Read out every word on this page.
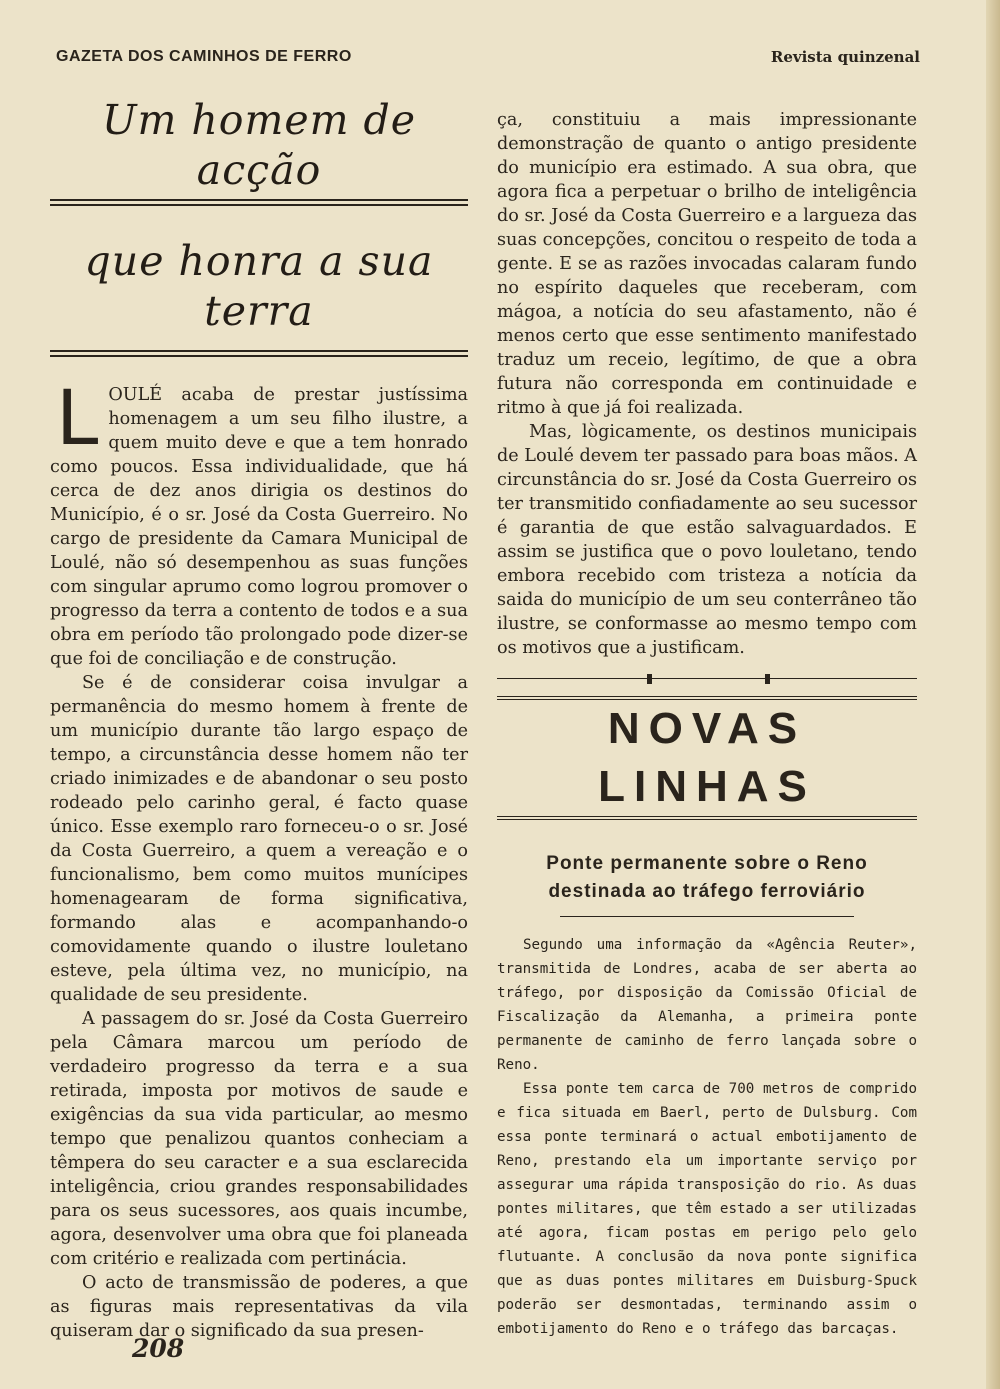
GAZETA DOS CAMINHOS DE FERRO	Revista quinzenal
Um homem de acção
que honra a sua terra

LOULÉ acaba de prestar justíssima homenagem a um seu filho ilustre, a quem muito deve e que a tem honrado como poucos. Essa individualidade, que há cerca de dez anos dirigia os destinos do Município, é o sr. José da Costa Guerreiro. No cargo de presidente da Camara Municipal de Loulé, não só desempenhou as suas funções com singular aprumo como logrou promover o progresso da terra a contento de todos e a sua obra em período tão prolongado pode dizer-se que foi de conciliação e de construção.

Se é de considerar coisa invulgar a permanência do mesmo homem à frente de um município durante tão largo espaço de tempo, a circunstância desse homem não ter criado inimizades e de abandonar o seu posto rodeado pelo carinho geral, é facto quase único. Esse exemplo raro forneceu-o o sr. José da Costa Guerreiro, a quem a vereação e o funcionalismo, bem como muitos munícipes homenagearam de forma significativa, formando alas e acompanhando-o comovidamente quando o ilustre louletano esteve, pela última vez, no município, na qualidade de seu presidente.

A passagem do sr. José da Costa Guerreiro pela Câmara marcou um período de verdadeiro progresso da terra e a sua retirada, imposta por motivos de saude e exigências da sua vida particular, ao mesmo tempo que penalizou quantos conheciam a têmpera do seu caracter e a sua esclarecida inteligência, criou grandes responsabilidades para os seus sucessores, aos quais incumbe, agora, desenvolver uma obra que foi planeada com critério e realizada com pertinácia.

O acto de transmissão de poderes, a que as figuras mais representativas da vila quiseram dar o significado da sua presen-

ça, constituiu a mais impressionante demonstração de quanto o antigo presidente do município era estimado. A sua obra, que agora fica a perpetuar o brilho de inteligência do sr. José da Costa Guerreiro e a largueza das suas concepções, concitou o respeito de toda a gente. E se as razões invocadas calaram fundo no espírito daqueles que receberam, com mágoa, a notícia do seu afastamento, não é menos certo que esse sentimento manifestado traduz um receio, legítimo, de que a obra futura não corresponda em continuidade e ritmo à que já foi realizada.

Mas, lògicamente, os destinos municipais de Loulé devem ter passado para boas mãos. A circunstância do sr. José da Costa Guerreiro os ter transmitido confiadamente ao seu sucessor é garantia de que estão salvaguardados. E assim se justifica que o povo louletano, tendo embora recebido com tristeza a notícia da saida do município de um seu conterrâneo tão ilustre, se conformasse ao mesmo tempo com os motivos que a justificam.

NOVAS LINHAS
Ponte permanente sobre o Reno
destinada ao tráfego ferroviário

Segundo uma informação da «Agência Reuter», transmitida de Londres, acaba de ser aberta ao tráfego, por disposição da Comissão Oficial de Fiscalização da Alemanha, a primeira ponte permanente de caminho de ferro lançada sobre o Reno.

Essa ponte tem carca de 700 metros de comprido e fica situada em Baerl, perto de Dulsburg. Com essa ponte terminará o actual embotijamento de Reno, prestando ela um importante serviço por assegurar uma rápida transposição do rio. As duas pontes militares, que têm estado a ser utilizadas até agora, ficam postas em perigo pelo gelo flutuante. A conclusão da nova ponte significa que as duas pontes militares em Duisburg-Spuck poderão ser desmontadas, terminando assim o embotijamento do Reno e o tráfego das barcaças.

208
